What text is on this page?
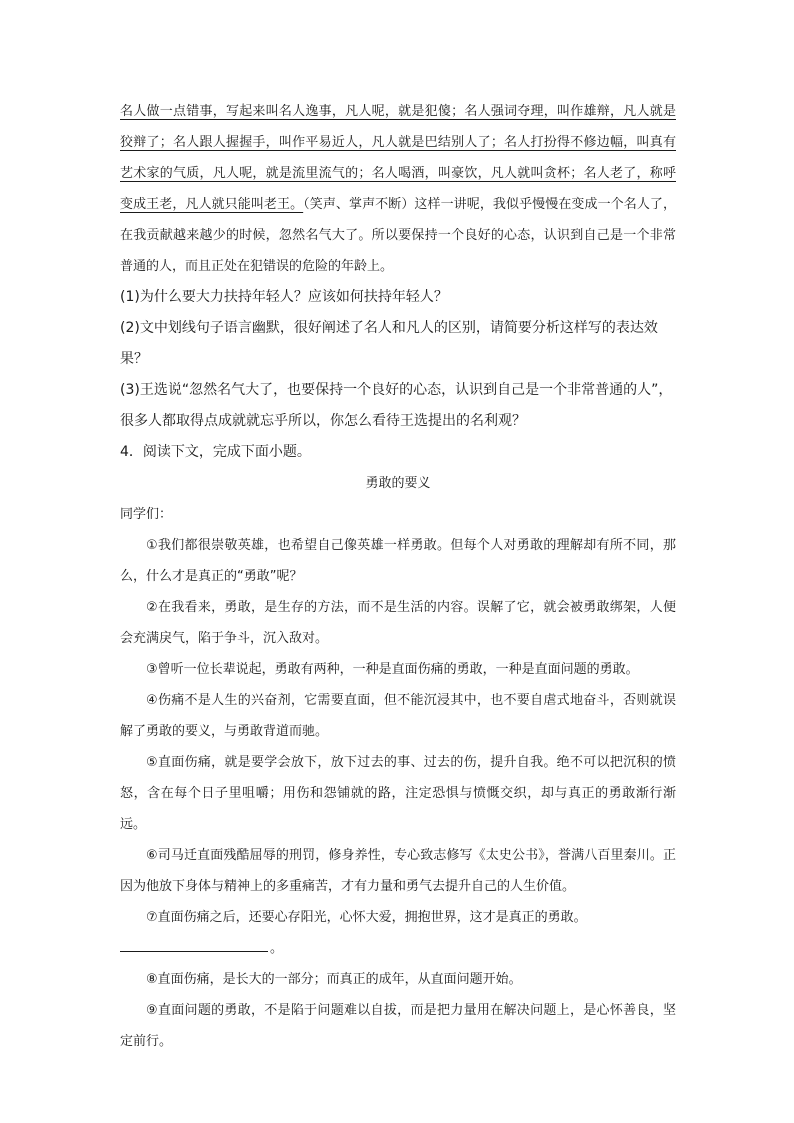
名人做一点错事，写起来叫名人逸事，凡人呢，就是犯傻；名人强词夺理，叫作雄辩，凡人就是狡辩了；名人跟人握握手，叫作平易近人，凡人就是巴结别人了；名人打扮得不修边幅，叫真有艺术家的气质，凡人呢，就是流里流气的；名人喝酒，叫豪饮，凡人就叫贪杯；名人老了，称呼变成王老，凡人就只能叫老王。（笑声、掌声不断）这样一讲呢，我似乎慢慢在变成一个名人了，在我贡献越来越少的时候，忽然名气大了。所以要保持一个良好的心态，认识到自己是一个非常普通的人，而且正处在犯错误的危险的年龄上。

(1)为什么要大力扶持年轻人？应该如何扶持年轻人？

(2)文中划线句子语言幽默，很好阐述了名人和凡人的区别，请简要分析这样写的表达效果？

(3)王选说“忽然名气大了，也要保持一个良好的心态，认识到自己是一个非常普通的人”，很多人都取得点成就就忘乎所以，你怎么看待王选提出的名利观？

4．阅读下文，完成下面小题。

勇敢的要义

同学们：

①我们都很崇敬英雄，也希望自己像英雄一样勇敢。但每个人对勇敢的理解却有所不同，那么，什么才是真正的“勇敢”呢？

②在我看来，勇敢，是生存的方法，而不是生活的内容。误解了它，就会被勇敢绑架，人便会充满戾气，陷于争斗，沉入敌对。

③曾听一位长辈说起，勇敢有两种，一种是直面伤痛的勇敢，一种是直面问题的勇敢。

④伤痛不是人生的兴奋剂，它需要直面，但不能沉浸其中，也不要自虐式地奋斗，否则就误解了勇敢的要义，与勇敢背道而驰。

⑤直面伤痛，就是要学会放下，放下过去的事、过去的伤，提升自我。绝不可以把沉积的愤怒，含在每个日子里咀嚼；用伤和怨铺就的路，注定恐惧与愤慨交织，却与真正的勇敢渐行渐远。

⑥司马迁直面残酷屈辱的刑罚，修身养性，专心致志修写《太史公书》，誉满八百里秦川。正因为他放下身体与精神上的多重痛苦，才有力量和勇气去提升自己的人生价值。

⑦直面伤痛之后，还要心存阳光，心怀大爱，拥抱世界，这才是真正的勇敢。

。

⑧直面伤痛，是长大的一部分；而真正的成年，从直面问题开始。

⑨直面问题的勇敢，不是陷于问题难以自拔，而是把力量用在解决问题上，是心怀善良，坚定前行。
